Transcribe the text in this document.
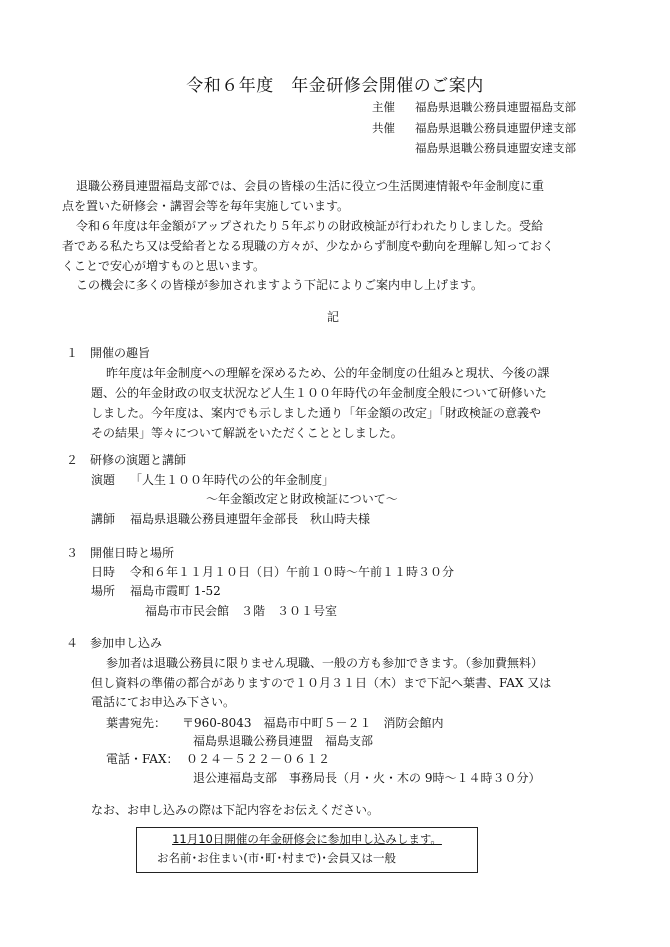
令和６年度　年金研修会開催のご案内
主催 福島県退職公務員連盟福島支部
共催 福島県退職公務員連盟伊達支部
福島県退職公務員連盟安達支部
退職公務員連盟福島支部では、会員の皆様の生活に役立つ生活関連情報や年金制度に重
点を置いた研修会・講習会等を毎年実施しています。
令和６年度は年金額がアップされたり５年ぶりの財政検証が行われたりしました。受給
者である私たち又は受給者となる現職の方々が、少なからず制度や動向を理解し知っておく
くことで安心が増すものと思います。
この機会に多くの皆様が参加されますよう下記によりご案内申し上げます。
記
１　開催の趣旨
昨年度は年金制度への理解を深めるため、公的年金制度の仕組みと現状、今後の課
題、公的年金財政の収支状況など人生１００年時代の年金制度全般について研修いた
しました。今年度は、案内でも示しました通り「年金額の改定」「財政検証の意義や
その結果」等々について解説をいただくこととしました。
２　研修の演題と講師
演題 「人生１００年時代の公的年金制度」
～年金額改定と財政検証について～
講師 福島県退職公務員連盟年金部長　秋山時夫様
３　開催日時と場所
日時 令和６年１１月１０日（日）午前１０時～午前１１時３０分
場所 福島市霞町 1-52
福島市市民会館　３階　３０１号室
４　参加申し込み
参加者は退職公務員に限りません現職、一般の方も参加できます。（参加費無料）
但し資料の準備の都合がありますので１０月３１日（木）まで下記へ葉書、FAX 又は
電話にてお申込み下さい。
葉書宛先： 〒960-8043　福島市中町５－２１　消防会館内
福島県退職公務員連盟　福島支部
電話・FAX： ０２４－５２２－０６１２
退公連福島支部　事務局長（月・火・木の 9時～１４時３０分）
なお、お申し込みの際は下記内容をお伝えください。
11月10日開催の年金研修会に参加申し込みします。
お名前･お住まい(市･町･村まで)･会員又は一般
